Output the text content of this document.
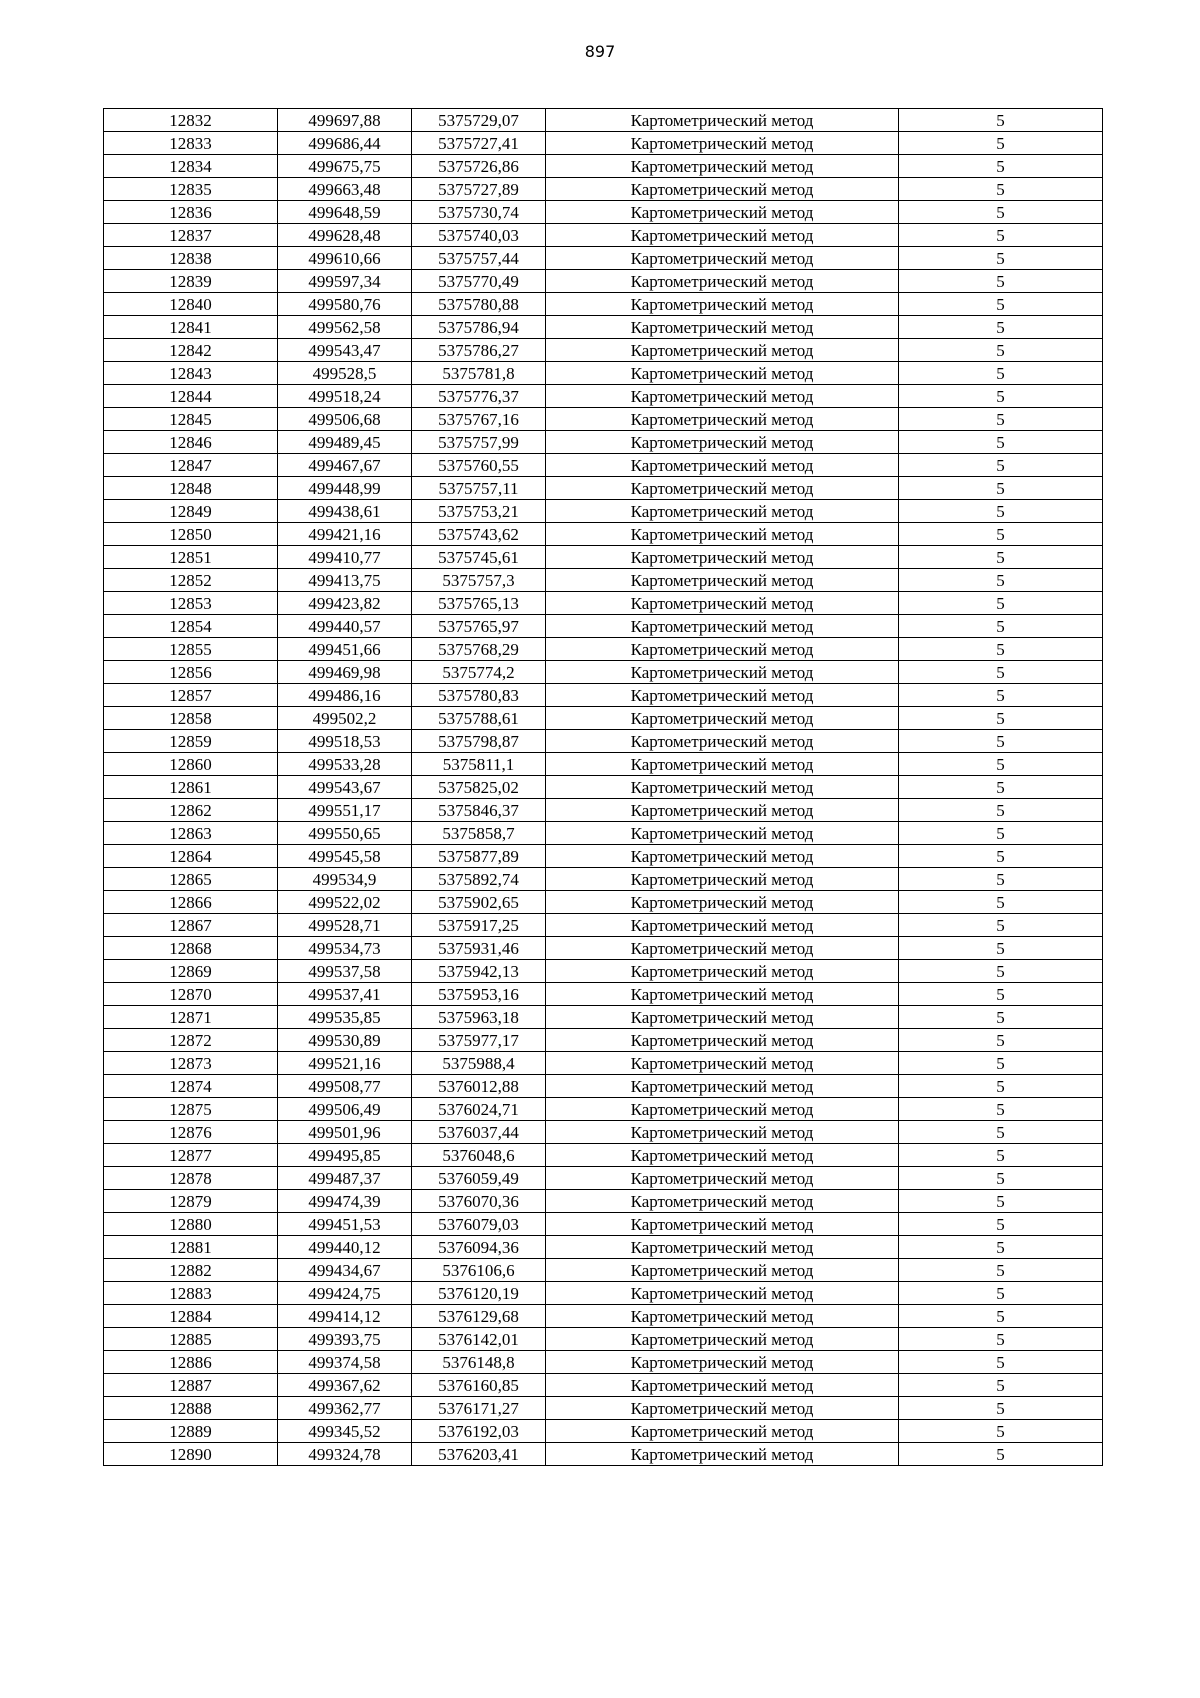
897
12832	499697,88	5375729,07	Картометрический метод	5
12833	499686,44	5375727,41	Картометрический метод	5
12834	499675,75	5375726,86	Картометрический метод	5
12835	499663,48	5375727,89	Картометрический метод	5
12836	499648,59	5375730,74	Картометрический метод	5
12837	499628,48	5375740,03	Картометрический метод	5
12838	499610,66	5375757,44	Картометрический метод	5
12839	499597,34	5375770,49	Картометрический метод	5
12840	499580,76	5375780,88	Картометрический метод	5
12841	499562,58	5375786,94	Картометрический метод	5
12842	499543,47	5375786,27	Картометрический метод	5
12843	499528,5	5375781,8	Картометрический метод	5
12844	499518,24	5375776,37	Картометрический метод	5
12845	499506,68	5375767,16	Картометрический метод	5
12846	499489,45	5375757,99	Картометрический метод	5
12847	499467,67	5375760,55	Картометрический метод	5
12848	499448,99	5375757,11	Картометрический метод	5
12849	499438,61	5375753,21	Картометрический метод	5
12850	499421,16	5375743,62	Картометрический метод	5
12851	499410,77	5375745,61	Картометрический метод	5
12852	499413,75	5375757,3	Картометрический метод	5
12853	499423,82	5375765,13	Картометрический метод	5
12854	499440,57	5375765,97	Картометрический метод	5
12855	499451,66	5375768,29	Картометрический метод	5
12856	499469,98	5375774,2	Картометрический метод	5
12857	499486,16	5375780,83	Картометрический метод	5
12858	499502,2	5375788,61	Картометрический метод	5
12859	499518,53	5375798,87	Картометрический метод	5
12860	499533,28	5375811,1	Картометрический метод	5
12861	499543,67	5375825,02	Картометрический метод	5
12862	499551,17	5375846,37	Картометрический метод	5
12863	499550,65	5375858,7	Картометрический метод	5
12864	499545,58	5375877,89	Картометрический метод	5
12865	499534,9	5375892,74	Картометрический метод	5
12866	499522,02	5375902,65	Картометрический метод	5
12867	499528,71	5375917,25	Картометрический метод	5
12868	499534,73	5375931,46	Картометрический метод	5
12869	499537,58	5375942,13	Картометрический метод	5
12870	499537,41	5375953,16	Картометрический метод	5
12871	499535,85	5375963,18	Картометрический метод	5
12872	499530,89	5375977,17	Картометрический метод	5
12873	499521,16	5375988,4	Картометрический метод	5
12874	499508,77	5376012,88	Картометрический метод	5
12875	499506,49	5376024,71	Картометрический метод	5
12876	499501,96	5376037,44	Картометрический метод	5
12877	499495,85	5376048,6	Картометрический метод	5
12878	499487,37	5376059,49	Картометрический метод	5
12879	499474,39	5376070,36	Картометрический метод	5
12880	499451,53	5376079,03	Картометрический метод	5
12881	499440,12	5376094,36	Картометрический метод	5
12882	499434,67	5376106,6	Картометрический метод	5
12883	499424,75	5376120,19	Картометрический метод	5
12884	499414,12	5376129,68	Картометрический метод	5
12885	499393,75	5376142,01	Картометрический метод	5
12886	499374,58	5376148,8	Картометрический метод	5
12887	499367,62	5376160,85	Картометрический метод	5
12888	499362,77	5376171,27	Картометрический метод	5
12889	499345,52	5376192,03	Картометрический метод	5
12890	499324,78	5376203,41	Картометрический метод	5
